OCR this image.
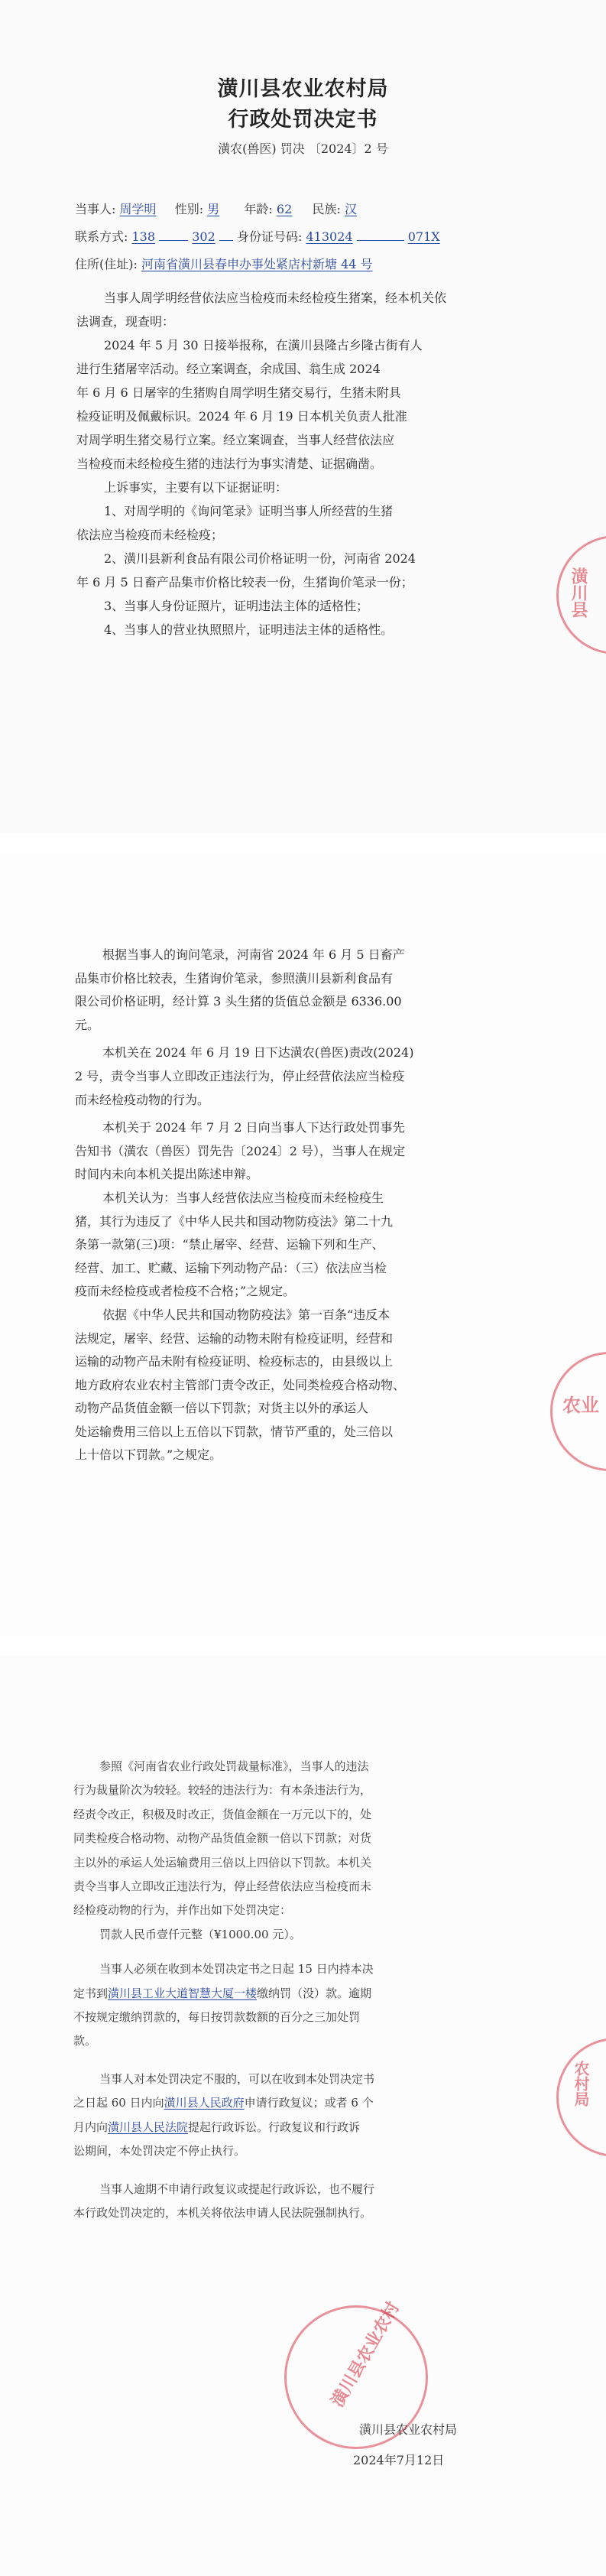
潢川县农业农村局
行政处罚决定书
潢农(兽医) 罚决 〔2024〕2 号
当事人: 周学明 性别: 男 年龄: 62 民族: 汉
联系方式: 138	302 身份证号码: 413024	071X
住所(住址): 河南省潢川县春申办事处紧店村新塘 44 号
当事人周学明经营依法应当检疫而未经检疫生猪案，经本机关依
法调查，现查明：
2024 年 5 月 30 日接举报称，在潢川县隆古乡隆古街有人
进行生猪屠宰活动。经立案调查，余成国、翁生成 2024
年 6 月 6 日屠宰的生猪购自周学明生猪交易行，生猪未附具
检疫证明及佩戴标识。2024 年 6 月 19 日本机关负责人批准
对周学明生猪交易行立案。经立案调查，当事人经营依法应
当检疫而未经检疫生猪的违法行为事实清楚、证据确凿。
上诉事实，主要有以下证据证明：
1、对周学明的《询问笔录》证明当事人所经营的生猪
依法应当检疫而未经检疫；
2、潢川县新利食品有限公司价格证明一份，河南省 2024
年 6 月 5 日畜产品集市价格比较表一份，生猪询价笔录一份；
3、当事人身份证照片，证明违法主体的适格性；
4、当事人的营业执照照片，证明违法主体的适格性。
潢川县
根据当事人的询问笔录，河南省 2024 年 6 月 5 日畜产
品集市价格比较表，生猪询价笔录，参照潢川县新利食品有
限公司价格证明，经计算 3 头生猪的货值总金额是 6336.00
元。
本机关在 2024 年 6 月 19 日下达潢农(兽医)责改(2024)
2 号，责令当事人立即改正违法行为，停止经营依法应当检疫
而未经检疫动物的行为。
本机关于 2024 年 7 月 2 日向当事人下达行政处罚事先
告知书（潢农（兽医）罚先告〔2024〕2 号），当事人在规定
时间内未向本机关提出陈述申辩。
本机关认为：当事人经营依法应当检疫而未经检疫生
猪，其行为违反了《中华人民共和国动物防疫法》第二十九
条第一款第(三)项：“禁止屠宰、经营、运输下列和生产、
经营、加工、贮藏、运输下列动物产品：（三）依法应当检
疫而未经检疫或者检疫不合格；”之规定。
依据《中华人民共和国动物防疫法》第一百条“违反本
法规定，屠宰、经营、运输的动物未附有检疫证明，经营和
运输的动物产品未附有检疫证明、检疫标志的，由县级以上
地方政府农业农村主管部门责令改正，处同类检疫合格动物、
动物产品货值金额一倍以下罚款；对货主以外的承运人
处运输费用三倍以上五倍以下罚款，情节严重的，处三倍以
上十倍以下罚款。”之规定。
农业
参照《河南省农业行政处罚裁量标准》，当事人的违法
行为裁量阶次为较轻。较轻的违法行为：有本条违法行为，
经责令改正，积极及时改正，货值金额在一万元以下的，处
同类检疫合格动物、动物产品货值金额一倍以下罚款；对货
主以外的承运人处运输费用三倍以上四倍以下罚款。本机关
责令当事人立即改正违法行为，停止经营依法应当检疫而未
经检疫动物的行为，并作出如下处罚决定：
罚款人民币壹仟元整（¥1000.00 元）。
当事人必须在收到本处罚决定书之日起 15 日内持本决
定书到潢川县工业大道智慧大厦一楼缴纳罚（没）款。逾期
不按规定缴纳罚款的，每日按罚款数额的百分之三加处罚
款。
当事人对本处罚决定不服的，可以在收到本处罚决定书
之日起 60 日内向潢川县人民政府申请行政复议；或者 6 个
月内向潢川县人民法院提起行政诉讼。行政复议和行政诉
讼期间，本处罚决定不停止执行。
当事人逾期不申请行政复议或提起行政诉讼，也不履行
本行政处罚决定的，本机关将依法申请人民法院强制执行。
潢川县农业农村
农村局
潢川县农业农村局
2024年7月12日
